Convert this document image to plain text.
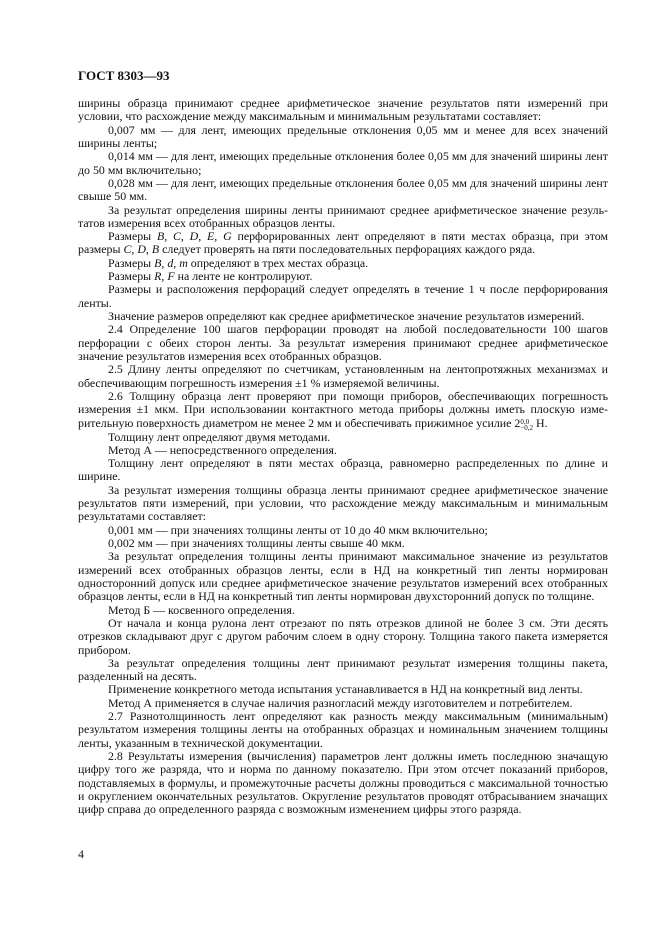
ГОСТ 8303—93

ширины образца принимают среднее арифметическое значение результатов пяти измерений при условии, что расхождение между максимальным и минимальным результатами составляет:

0,007 мм — для лент, имеющих предельные отклонения 0,05 мм и менее для всех значений ширины ленты;

0,014 мм — для лент, имеющих предельные отклонения более 0,05 мм для значений ширины лент до 50 мм включительно;

0,028 мм — для лент, имеющих предельные отклонения более 0,05 мм для значений ширины лент свыше 50 мм.

За результат определения ширины ленты принимают среднее арифметическое значение результатов измерения всех отобранных образцов ленты.

Размеры B, C, D, E, G перфорированных лент определяют в пяти местах образца, при этом размеры C, D, B следует проверять на пяти последовательных перфорациях каждого ряда.

Размеры B, d, m определяют в трех местах образца.

Размеры R, F на ленте не контролируют.

Размеры и расположения перфораций следует определять в течение 1 ч после перфорирования ленты.

Значение размеров определяют как среднее арифметическое значение результатов измерений.

2.4 Определение 100 шагов перфорации проводят на любой последовательности 100 шагов перфорации с обеих сторон ленты. За результат измерения принимают среднее арифметическое значение результатов измерения всех отобранных образцов.

2.5 Длину ленты определяют по счетчикам, установленным на лентопротяжных механизмах и обеспечивающим погрешность измерения ±1 % измеряемой величины.

2.6 Толщину образца лент проверяют при помощи приборов, обеспечивающих погрешность измерения ±1 мкм. При использовании контактного метода приборы должны иметь плоскую измерительную поверхность диаметром не менее 2 мм и обеспечивать прижимное усилие 2 0,0
−0,2 Н.

Толщину лент определяют двумя методами.

Метод А — непосредственного определения.

Толщину лент определяют в пяти местах образца, равномерно распределенных по длине и ширине.

За результат измерения толщины образца ленты принимают среднее арифметическое значение результатов пяти измерений, при условии, что расхождение между максимальным и минимальным результатами составляет:

0,001 мм — при значениях толщины ленты от 10 до 40 мкм включительно;

0,002 мм — при значениях толщины ленты свыше 40 мкм.

За результат определения толщины ленты принимают максимальное значение из результатов измерений всех отобранных образцов ленты, если в НД на конкретный тип ленты нормирован односторонний допуск или среднее арифметическое значение результатов измерений всех отобранных образцов ленты, если в НД на конкретный тип ленты нормирован двухсторонний допуск по толщине.

Метод Б — косвенного определения.

От начала и конца рулона лент отрезают по пять отрезков длиной не более 3 см. Эти десять отрезков складывают друг с другом рабочим слоем в одну сторону. Толщина такого пакета измеряется прибором.

За результат определения толщины лент принимают результат измерения толщины пакета, разделенный на десять.

Применение конкретного метода испытания устанавливается в НД на конкретный вид ленты.

Метод А применяется в случае наличия разногласий между изготовителем и потребителем.

2.7 Разнотолщинность лент определяют как разность между максимальным (минимальным) результатом измерения толщины ленты на отобранных образцах и номинальным значением толщины ленты, указанным в технической документации.

2.8 Результаты измерения (вычисления) параметров лент должны иметь последнюю значащую цифру того же разряда, что и норма по данному показателю. При этом отсчет показаний приборов, подставляемых в формулы, и промежуточные расчеты должны проводиться с максимальной точностью и округлением окончательных результатов. Округление результатов проводят отбрасыванием значащих цифр справа до определенного разряда с возможным изменением цифры этого разряда.

4
